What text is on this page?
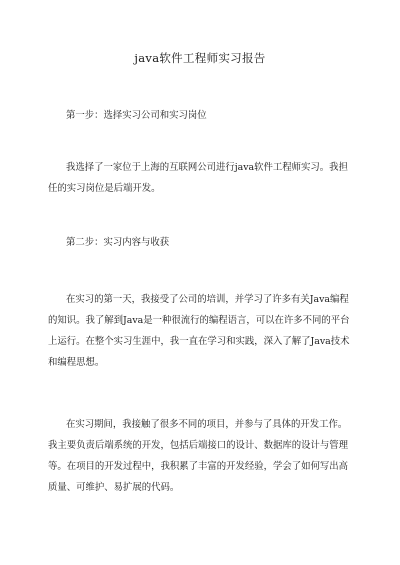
java软件工程师实习报告
第一步：选择实习公司和实习岗位
我选择了一家位于上海的互联网公司进行java软件工程师实习。我担
任的实习岗位是后端开发。
第二步：实习内容与收获
在实习的第一天，我接受了公司的培训，并学习了许多有关Java编程
的知识。我了解到Java是一种很流行的编程语言，可以在许多不同的平台
上运行。在整个实习生涯中，我一直在学习和实践，深入了解了Java技术
和编程思想。
在实习期间，我接触了很多不同的项目，并参与了具体的开发工作。
我主要负责后端系统的开发，包括后端接口的设计、数据库的设计与管理
等。在项目的开发过程中，我积累了丰富的开发经验，学会了如何写出高
质量、可维护、易扩展的代码。
